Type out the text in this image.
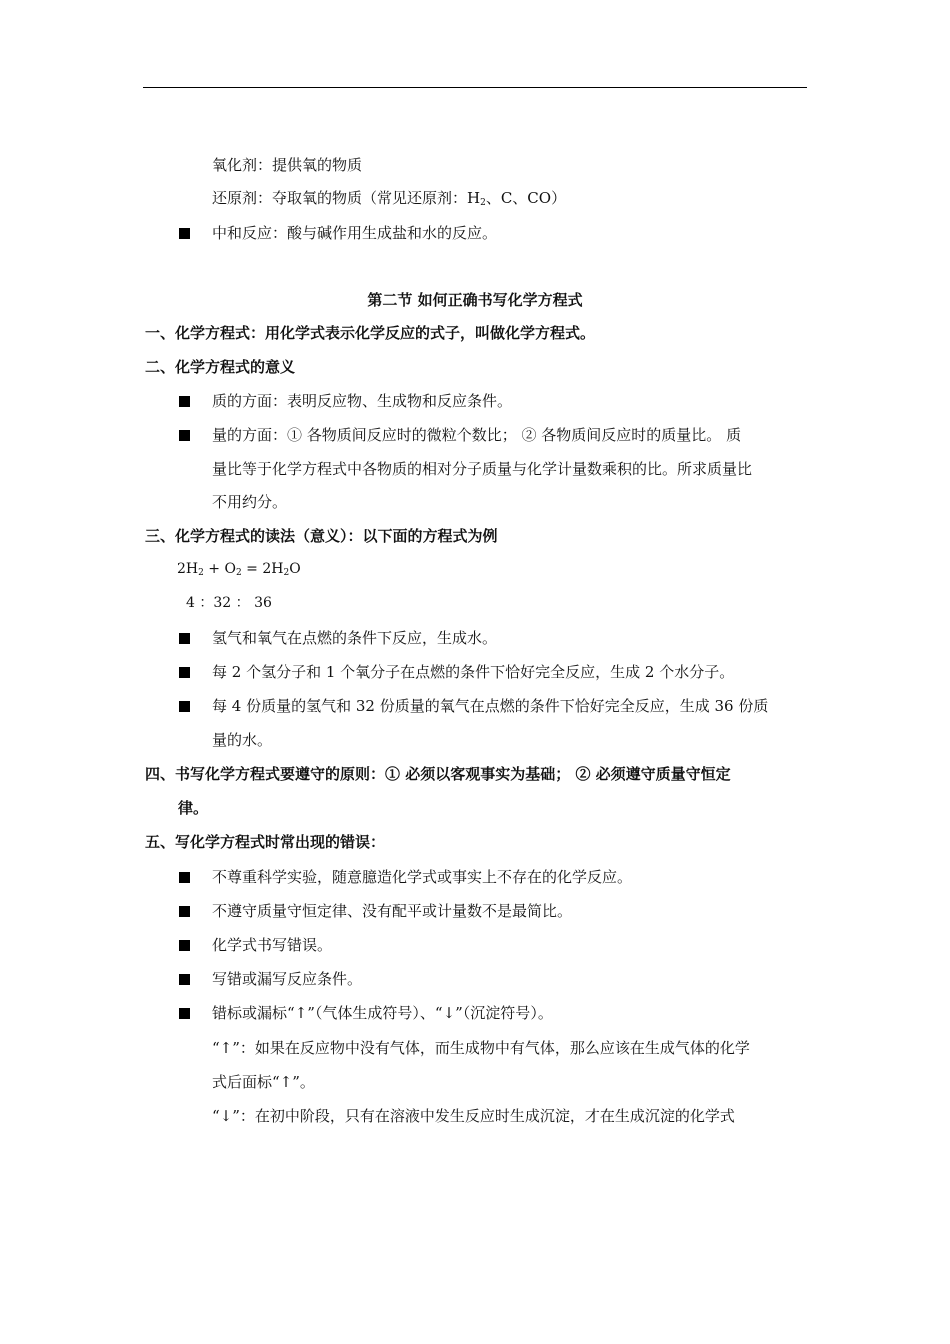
氧化剂：提供氧的物质
还原剂：夺取氧的物质（常见还原剂：$H_2$、C、CO）
中和反应：酸与碱作用生成盐和水的反应。
第二节 如何正确书写化学方程式
一、化学方程式：用化学式表示化学反应的式子，叫做化学方程式。
二、化学方程式的意义
质的方面：表明反应物、生成物和反应条件。
量的方面：① 各物质间反应时的微粒个数比； ② 各物质间反应时的质量比。 质
量比等于化学方程式中各物质的相对分子质量与化学计量数乘积的比。所求质量比
不用约分。
三、化学方程式的读法（意义）：以下面的方程式为例
$2H_2 + O_2 = 2H_2O$
4 ：32 ： 36
氢气和氧气在点燃的条件下反应，生成水。
每 2 个氢分子和 1 个氧分子在点燃的条件下恰好完全反应，生成 2 个水分子。
每 4 份质量的氢气和 32 份质量的氧气在点燃的条件下恰好完全反应，生成 36 份质
量的水。
四、书写化学方程式要遵守的原则：① 必须以客观事实为基础； ② 必须遵守质量守恒定
律。
五、写化学方程式时常出现的错误：
不尊重科学实验，随意臆造化学式或事实上不存在的化学反应。
不遵守质量守恒定律、没有配平或计量数不是最简比。
化学式书写错误。
写错或漏写反应条件。
错标或漏标“↑”（气体生成符号）、“↓”（沉淀符号）。
“↑”：如果在反应物中没有气体，而生成物中有气体，那么应该在生成气体的化学
式后面标“↑”。
“↓”：在初中阶段，只有在溶液中发生反应时生成沉淀，才在生成沉淀的化学式
